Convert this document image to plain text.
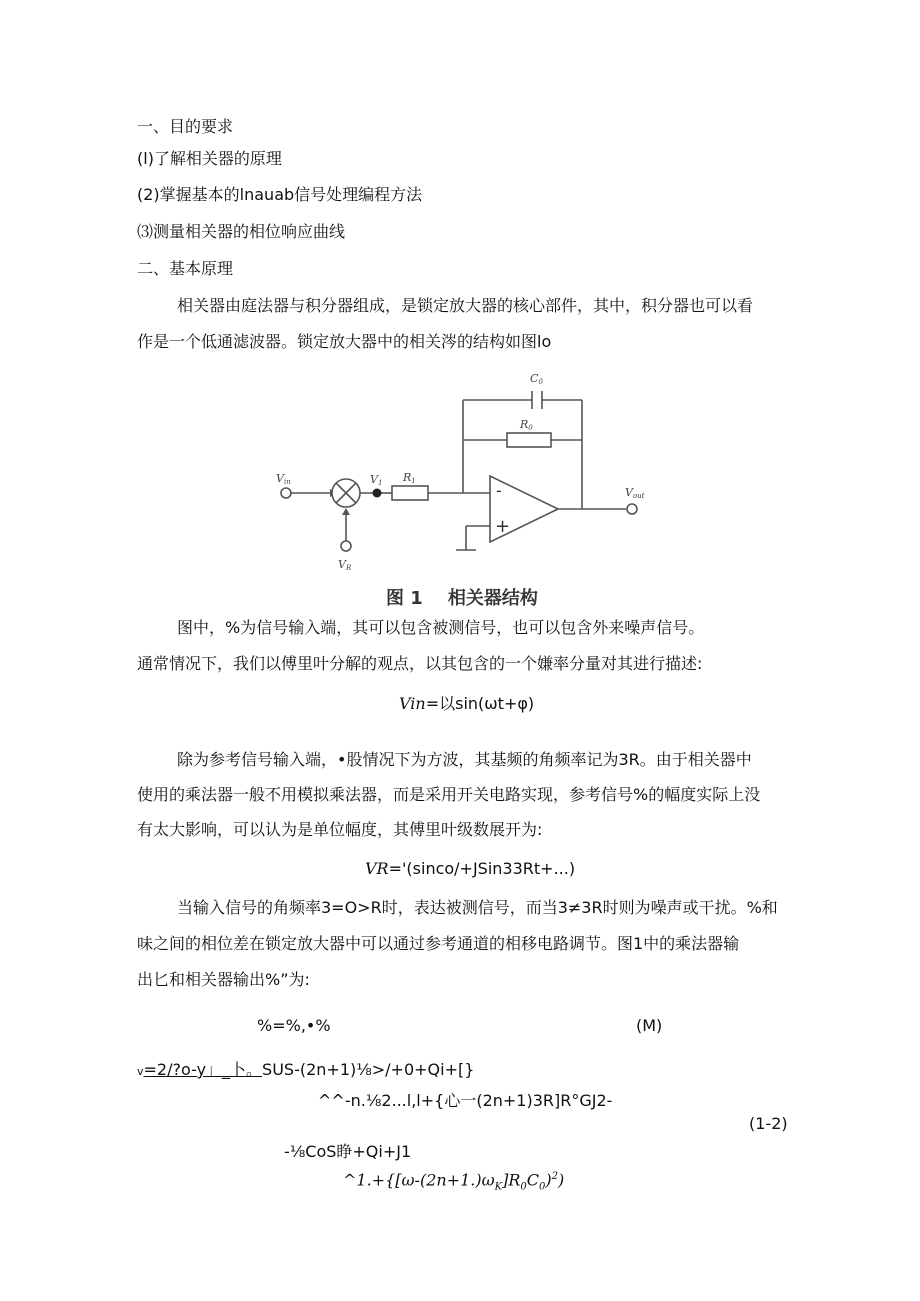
一、目的要求
(l)了解相关器的原理
(2)掌握基本的lnauab信号处理编程方法
⑶测量相关器的相位响应曲线
二、基本原理
相关器由庭法器与积分器组成，是锁定放大器的核心部件，其中，积分器也可以看
作是一个低通滤波器。锁定放大器中的相关涔的结构如图lo
Vin	V1
VR
Vout
R1
R0
C0
-
+
图 1    相关器结构
图中，%为信号输入端，其可以包含被测信号，也可以包含外来噪声信号。
通常情况下，我们以傅里叶分解的观点，以其包含的一个嫌率分量对其进行描述:
Vin=以sin(ωt+φ)
除为参考信号输入端，•股情况下为方波，其基频的角频率记为3R。由于相关器中
使用的乘法器一般不用模拟乘法器，而是采用开关电路实现，参考信号%的幅度实际上没
有太大影响，可以认为是单位幅度，其傅里叶级数展开为:
VR='(sinco/+JSin33Rt+...)
当输入信号的角频率3=O>R时，表达被测信号，而当3≠3R时则为噪声或干扰。%和
味之间的相位差在锁定放大器中可以通过参考通道的相移电路调节。图1中的乘法器输
出匕和相关器输出%”为:
%=%,•%	(M)
v=2/?o-y」_卜。SUS-(2n+1)⅛>/+0+Qi+[}
^^-n.⅛2...l,l+{心一(2n+1)3R]R°GJ2-
(1-2)
-⅛CoS睁+Qi+J1
$\^{}1.+\{[\omega-(2n+1.)\omega_K]R_0C_0)^2$)
